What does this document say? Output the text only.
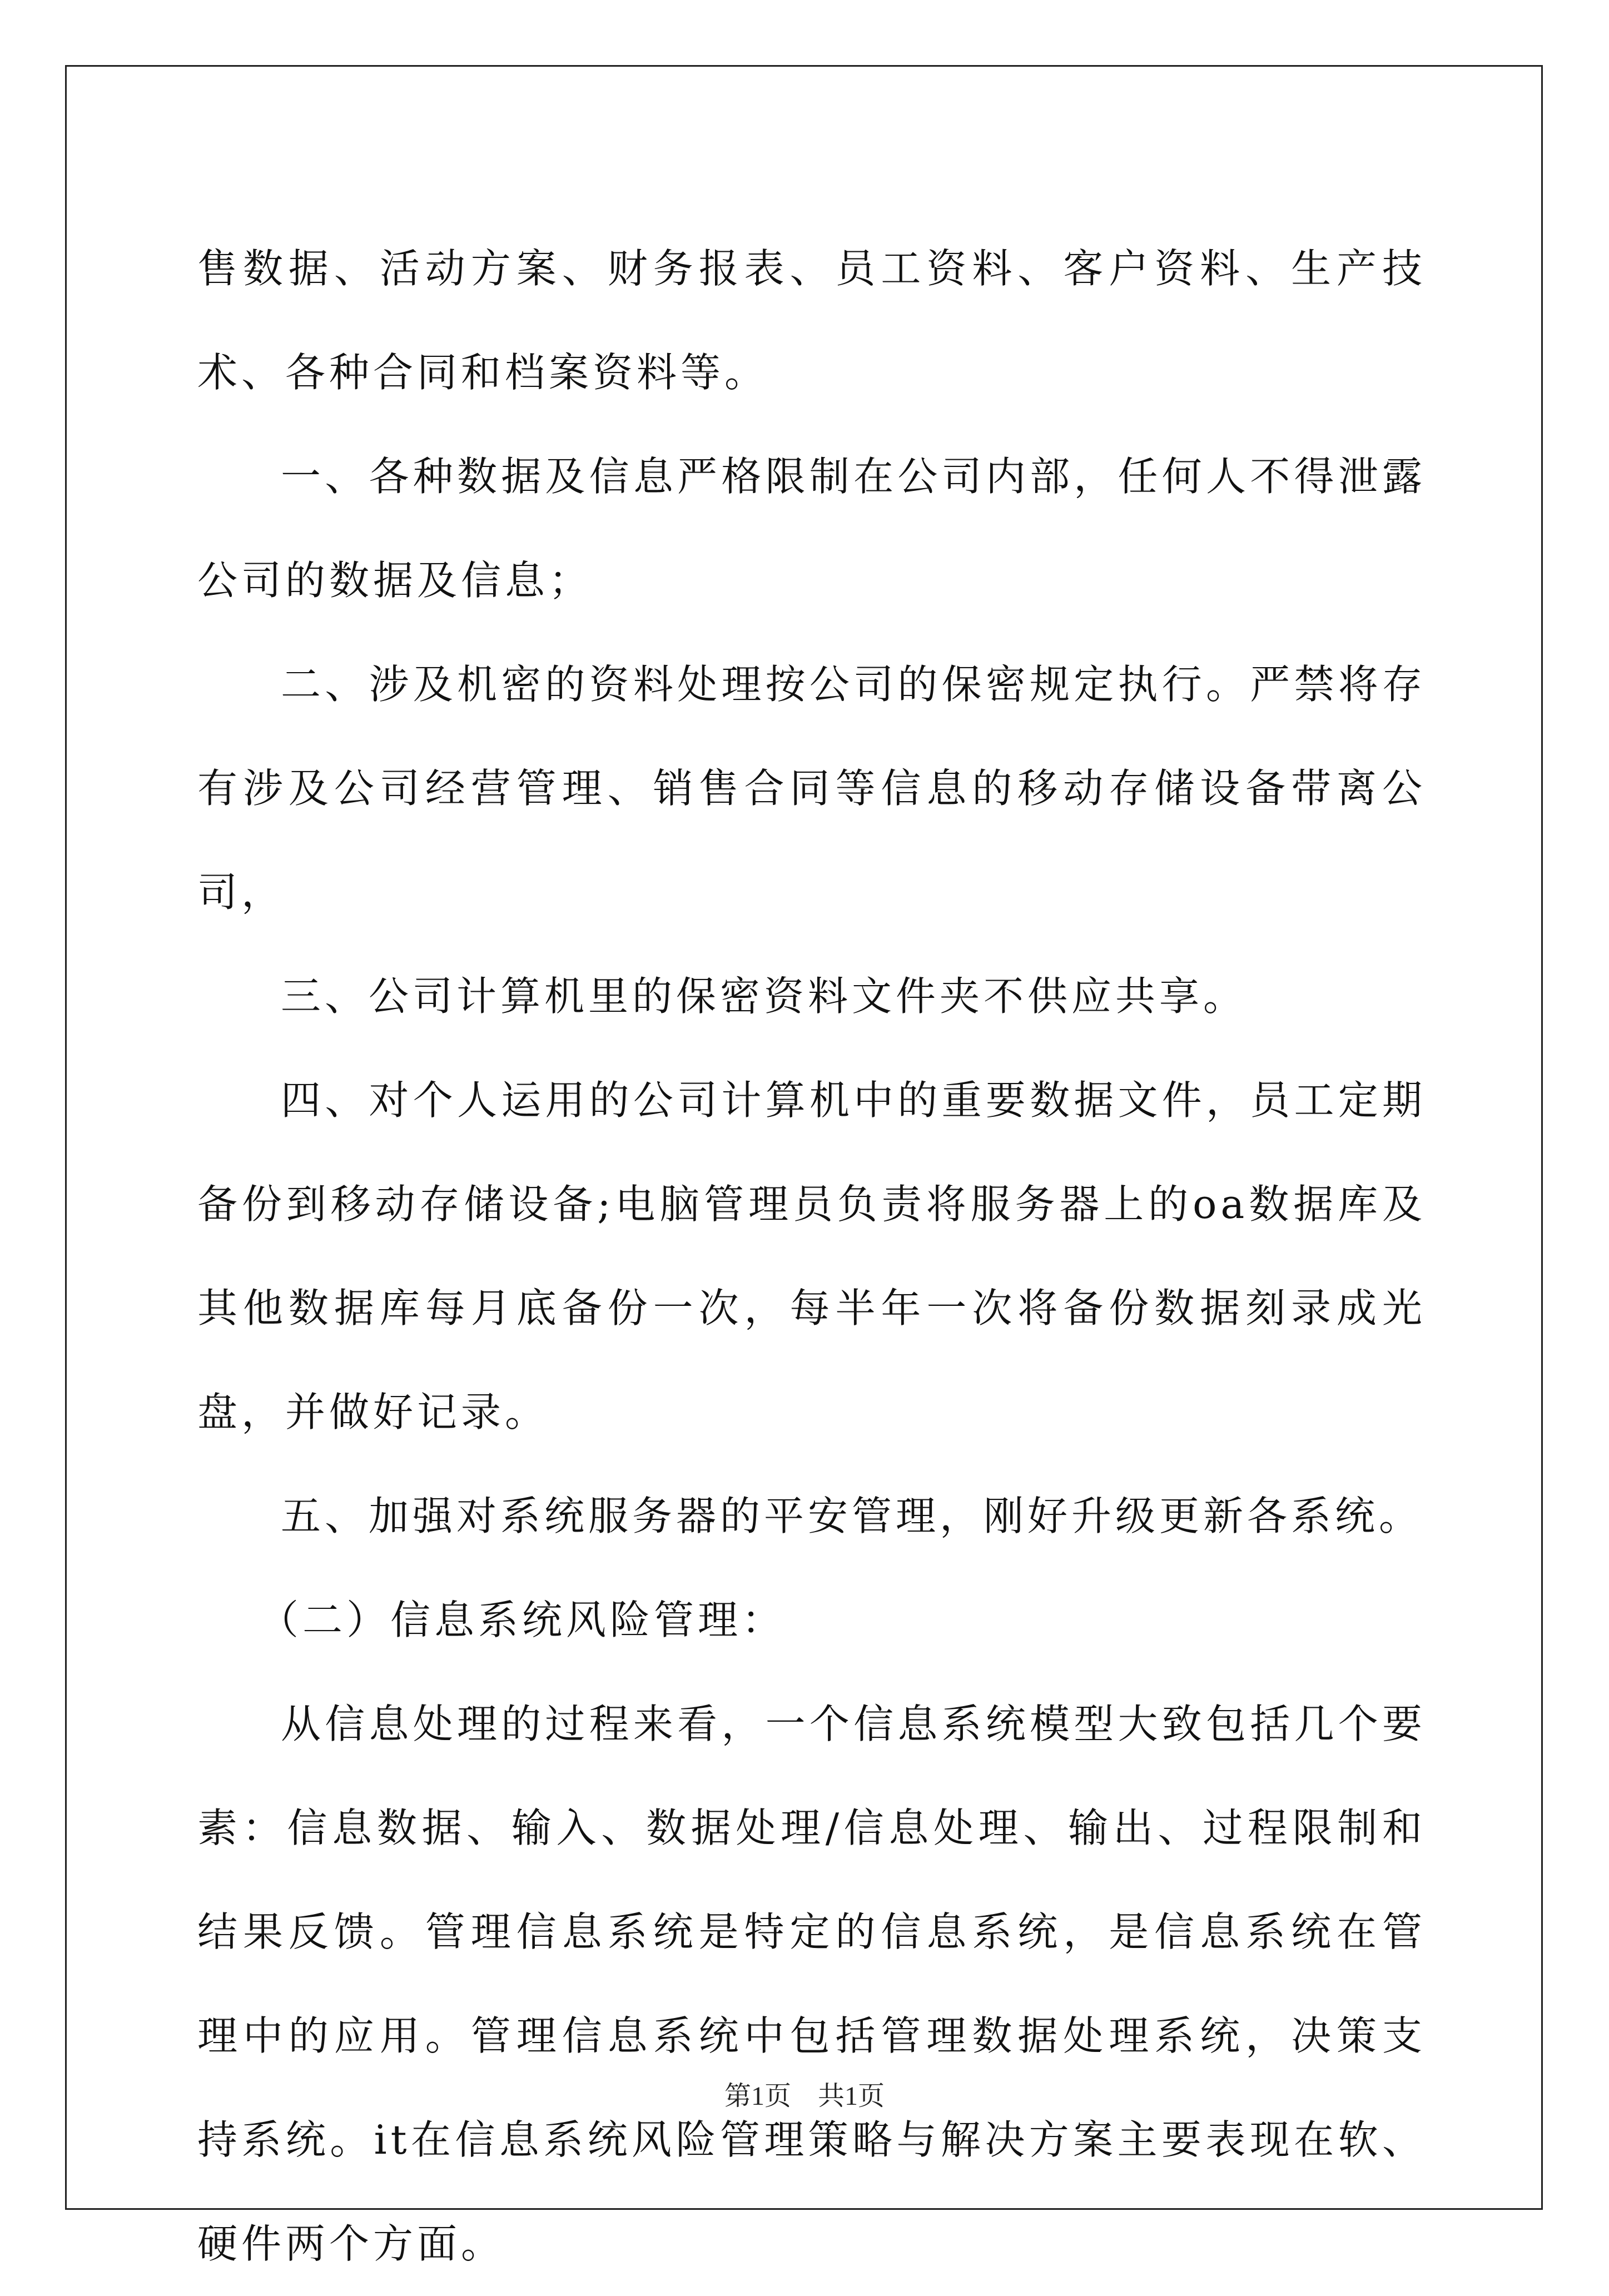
售数据、活动方案、财务报表、员工资料、客户资料、生产技术、各种合同和档案资料等。

一、各种数据及信息严格限制在公司内部，任何人不得泄露公司的数据及信息；

二、涉及机密的资料处理按公司的保密规定执行。严禁将存有涉及公司经营管理、销售合同等信息的移动存储设备带离公司，

三、公司计算机里的保密资料文件夹不供应共享。

四、对个人运用的公司计算机中的重要数据文件，员工定期备份到移动存储设备;电脑管理员负责将服务器上的oa数据库及其他数据库每月底备份一次，每半年一次将备份数据刻录成光盘，并做好记录。

五、加强对系统服务器的平安管理，刚好升级更新各系统。

（二）信息系统风险管理：

从信息处理的过程来看，一个信息系统模型大致包括几个要素：信息数据、输入、数据处理/信息处理、输出、过程限制和结果反馈。管理信息系统是特定的信息系统，是信息系统在管理中的应用。管理信息系统中包括管理数据处理系统，决策支持系统。it在信息系统风险管理策略与解决方案主要表现在软、硬件两个方面。

第1页 共1页
